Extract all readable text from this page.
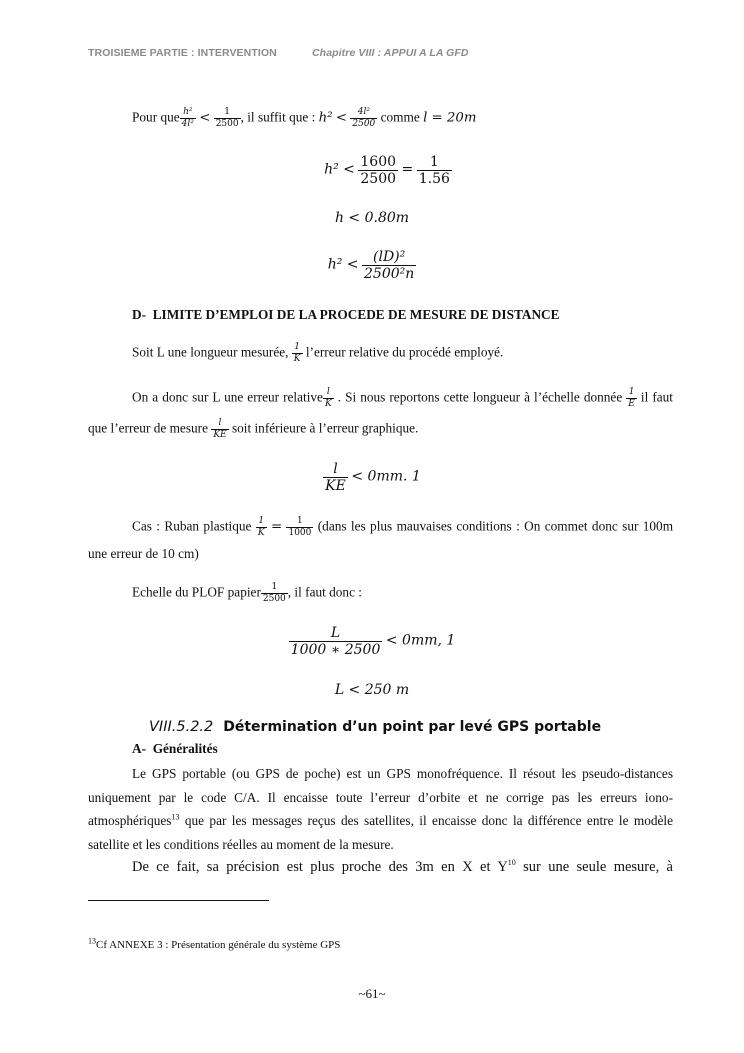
TROISIEME PARTIE : INTERVENTION	Chapitre VIII : APPUI A LA GFD
Pour que $\frac{\text{h²}}{\text{4l²}} < \frac{1}{2500}$ , il suffit que : $h^2 < \frac{\text{4l²}}{2500}$ comme l = 20m
$h^2 < \frac{1600}{2500} = \frac{1}{1.56}$
h < 0.80m
$h^2 < \frac{\text{(lD)²}}{\text{2500²n}}$
D- LIMITE D’EMPLOI DE LA PROCEDE DE MESURE DE DISTANCE
Soit L une longueur mesurée, $\frac{1}{K}$ l’erreur relative du procédé employé.
On a donc sur L une erreur relative $\frac{l}{K}$ . Si nous reportons cette longueur à l’échelle donnée $\frac{1}{E}$ il faut
que l’erreur de mesure $\frac{l}{KE}$ soit inférieure à l’erreur graphique.
$\frac{l}{KE} < 0mm$. 1
Cas : Ruban plastique $\frac{1}{K} = \frac{1}{1000}$ (dans les plus mauvaises conditions : On commet donc sur 100m
une erreur de 10 cm)
Echelle du PLOF papier $\frac{1}{2500}$ , il faut donc :
$\frac{L}{1000 ∗ 2500} < 0mm$, 1
L < 250 m
VIII.5.2.2 Détermination d’un point par levé GPS portable
A- Généralités
Le GPS portable (ou GPS de poche) est un GPS monofréquence. Il résout les pseudo-distances uniquement par le code C/A. Il encaisse toute l’erreur d’orbite et ne corrige pas les erreurs iono-atmosphériques$^{13}$ que par les messages reçus des satellites, il encaisse donc la différence entre le modèle satellite et les conditions réelles au moment de la mesure.
De ce fait, sa précision est plus proche des 3m en X et $Y^{10}$ sur une seule mesure, à
$^{13}$Cf ANNEXE 3 : Présentation générale du système GPS
~61~
